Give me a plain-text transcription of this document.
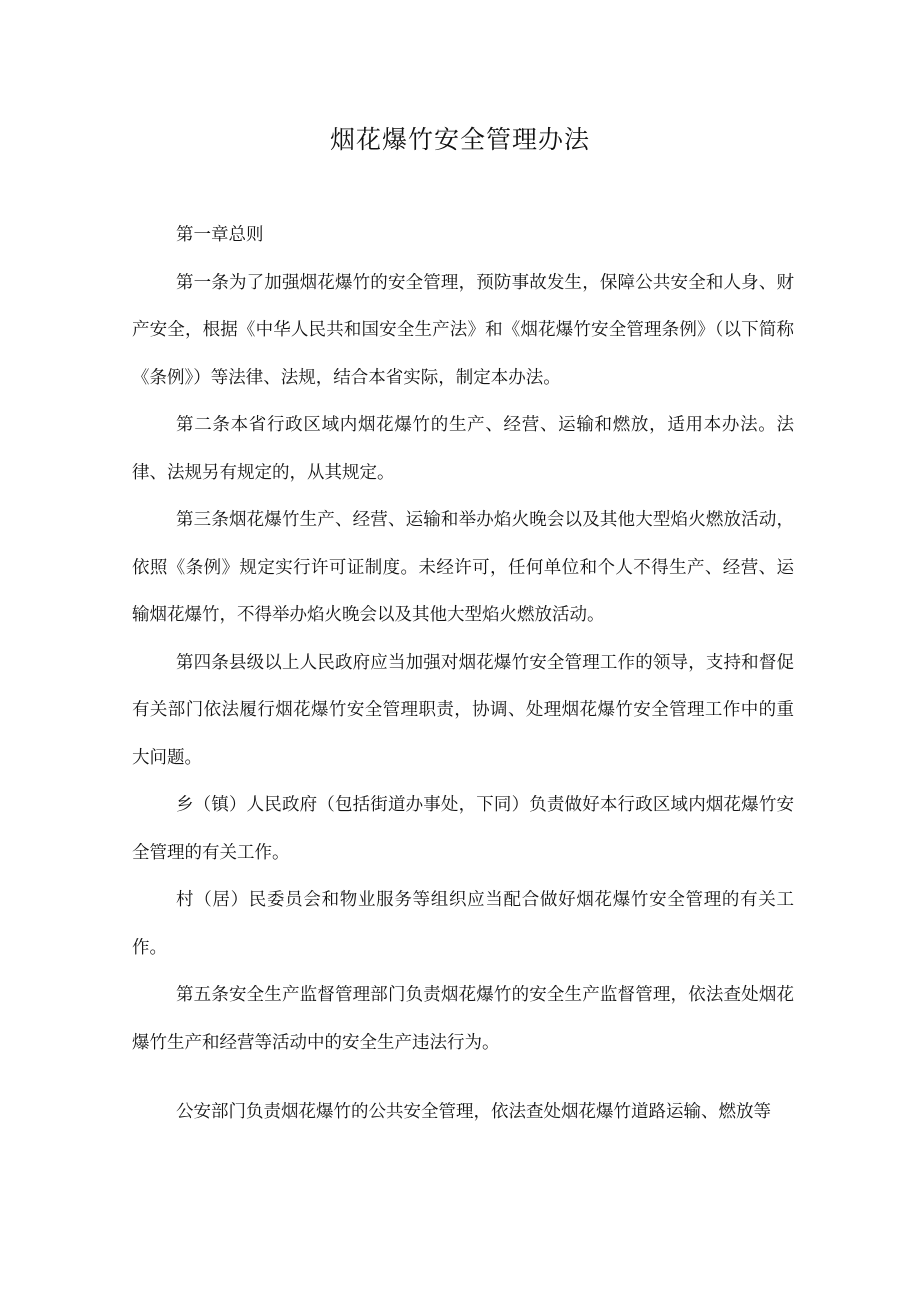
烟花爆竹安全管理办法

第一章总则

第一条为了加强烟花爆竹的安全管理，预防事故发生，保障公共安全和人身、财产安全，根据《中华人民共和国安全生产法》和《烟花爆竹安全管理条例》（以下简称《条例》）等法律、法规，结合本省实际，制定本办法。

第二条本省行政区域内烟花爆竹的生产、经营、运输和燃放，适用本办法。法律、法规另有规定的，从其规定。

第三条烟花爆竹生产、经营、运输和举办焰火晚会以及其他大型焰火燃放活动，依照《条例》规定实行许可证制度。未经许可，任何单位和个人不得生产、经营、运输烟花爆竹，不得举办焰火晚会以及其他大型焰火燃放活动。

第四条县级以上人民政府应当加强对烟花爆竹安全管理工作的领导，支持和督促有关部门依法履行烟花爆竹安全管理职责，协调、处理烟花爆竹安全管理工作中的重大问题。

乡（镇）人民政府（包括街道办事处，下同）负责做好本行政区域内烟花爆竹安全管理的有关工作。

村（居）民委员会和物业服务等组织应当配合做好烟花爆竹安全管理的有关工作。

第五条安全生产监督管理部门负责烟花爆竹的安全生产监督管理，依法查处烟花爆竹生产和经营等活动中的安全生产违法行为。

公安部门负责烟花爆竹的公共安全管理，依法查处烟花爆竹道路运输、燃放等
